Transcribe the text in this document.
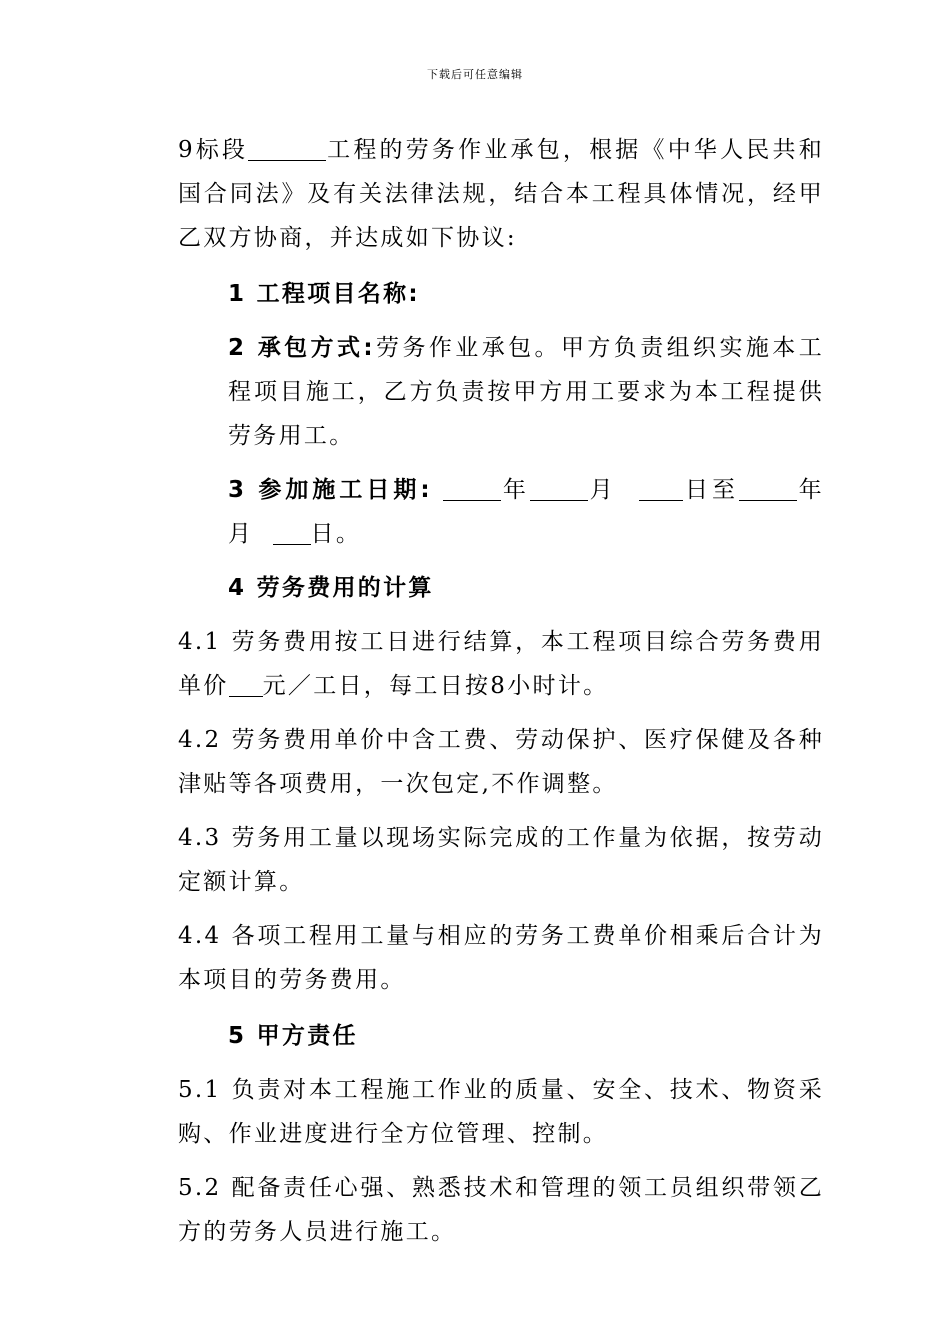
下载后可任意编辑

9标段	工程的劳务作业承包，根据《中华人民共和国合同法》及有关法律法规，结合本工程具体情况，经甲乙双方协商，并达成如下协议:

1 工程项目名称:

2 承包方式:劳务作业承包。甲方负责组织实施本工程项目施工，乙方负责按甲方用工要求为本工程提供劳务用工。

3 参加施工日期:	年	月	日至	年月 日。

4 劳务费用的计算

4.1 劳务费用按工日进行结算，本工程项目综合劳务费用单价 元／工日，每工日按8小时计。

4.2 劳务费用单价中含工费、劳动保护、医疗保健及各种津贴等各项费用，一次包定,不作调整。

4.3 劳务用工量以现场实际完成的工作量为依据，按劳动定额计算。

4.4 各项工程用工量与相应的劳务工费单价相乘后合计为本项目的劳务费用。

5 甲方责任

5.1 负责对本工程施工作业的质量、安全、技术、物资采购、作业进度进行全方位管理、控制。

5.2 配备责任心强、熟悉技术和管理的领工员组织带领乙方的劳务人员进行施工。
